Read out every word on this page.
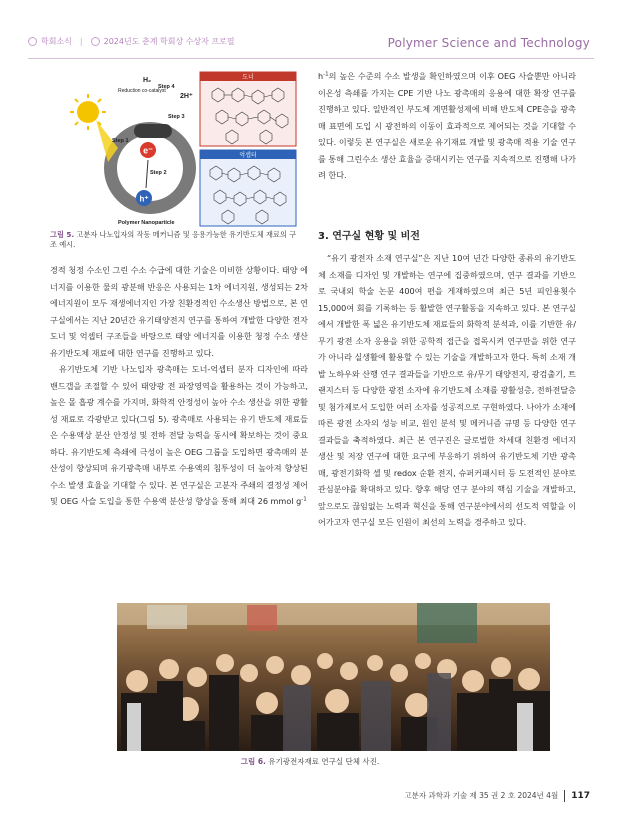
학회소식 |	2024년도 춘계 학회상 수상자 프로필	Polymer Science and Technology
e⁻
h⁺
H₂
Step 4
2H⁺
Reduction co-catalyst
Step 3
Step 1
Step 2
Polymer Nanoparticle
도너
억셉터
그림 5. 고분자 나노입자의 작동 메커니즘 및 응용가능한 유기반도체 재료의 구조 예시.

경적 청정 수소인 그린 수소 수급에 대한 기술은 미비한 상황이다. 태양 에너지를 이용한 물의 광분해 반응은 사용되는 1차 에너지원, 생성되는 2차 에너지원이 모두 재생에너지인 가장 친환경적인 수소생산 방법으로, 본 연구실에서는 지난 20년간 유기태양전지 연구를 통하여 개발한 다양한 전자 도너 및 억셉터 구조들을 바탕으로 태양 에너지를 이용한 청정 수소 생산 유기반도체 재료에 대한 연구를 진행하고 있다.

유기반도체 기반 나노입자 광촉매는 도너-억셉터 분자 디자인에 따라 밴드갭을 조절할 수 있어 태양광 전 파장영역을 활용하는 것이 가능하고, 높은 몰 흡광 계수를 가지며, 화학적 안정성이 높아 수소 생산을 위한 광활성 재료로 각광받고 있다(그림 5). 광촉매로 사용되는 유기 반도체 재료들은 수용액상 분산 안정성 및 전하 전달 능력을 동시에 확보하는 것이 중요하다. 유기반도체 측쇄에 극성이 높은 OEG 그룹을 도입하면 광촉매의 분산성이 향상되며 유기광촉매 내부로 수용액의 침투성이 더 높아져 향상된 수소 발생 효율을 기대할 수 있다. 본 연구실은 고분자 주쇄의 결정성 제어 및 OEG 사슬 도입을 통한 수용액 분산성 향상을 통해 최대 26 mmol $g^{-1}$

$h^{-1}$의 높은 수준의 수소 발생을 확인하였으며 이후 OEG 사슬뿐만 아니라 이온성 측쇄를 가지는 CPE 기반 나노 광촉매의 응용에 대한 확장 연구를 진행하고 있다. 일반적인 부도체 계면활성제에 비해 반도체 CPE층을 광촉매 표면에 도입 시 광전하의 이동이 효과적으로 제어되는 것을 기대할 수 있다. 이렇듯 본 연구실은 새로운 유기재료 개발 및 광촉매 적용 기술 연구를 통해 그린수소 생산 효율을 증대시키는 연구를 지속적으로 진행해 나가려 한다.

3. 연구실 현황 및 비전

“유기 광전자 소재 연구실”은 지난 10여 년간 다양한 종류의 유기반도체 소재를 디자인 및 개발하는 연구에 집중하였으며, 연구 결과를 기반으로 국내외 학술 논문 400여 편을 게재하였으며 최근 5년 피인용횟수 15,000여 회를 기록하는 등 활발한 연구활동을 지속하고 있다. 본 연구실에서 개발한 폭 넓은 유기반도체 재료들의 화학적 분석과, 이를 기반한 유/무기 광전 소자 응용을 위한 공학적 접근을 접목시켜 연구만을 위한 연구가 아니라 실생활에 활용할 수 있는 기술을 개발하고자 한다. 특히 소재 개발 노하우와 산행 연구 결과들을 기반으로 유/무기 태양전지, 광검출기, 트랜지스터 등 다양한 광전 소자에 유기반도체 소재를 광활성층, 전하전달층 및 첨가제로서 도입한 여러 소자를 성공적으로 구현하였다. 나아가 소재에 따른 광전 소자의 성능 비교, 원인 분석 및 메커니즘 규명 등 다양한 연구 결과들을 축적하였다. 최근 본 연구진은 글로벌한 차세대 친환경 에너지 생산 및 저장 연구에 대한 요구에 부응하기 위하여 유기반도체 기반 광촉매, 광전기화학 셀 및 redox 순환 전지, 슈퍼커패시터 등 도전적인 분야로 관심분야를 확대하고 있다. 향후 해당 연구 분야의 핵심 기술을 개발하고, 앞으로도 끊임없는 노력과 혁신을 통해 연구분야에서의 선도적 역할을 이어가고자 연구실 모든 인원이 최선의 노력을 경주하고 있다.

그림 6. 유기광전자재료 연구실 단체 사진.
고분자 과학과 기술 제 35 권 2 호 2024년 4월 117
